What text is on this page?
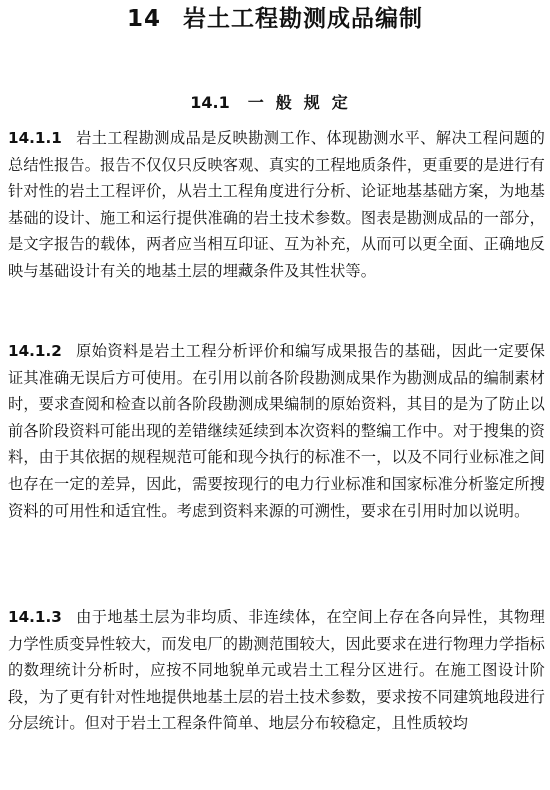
14 岩土工程勘测成品编制
14.1 一般规定
14.1.1 岩土工程勘测成品是反映勘测工作、体现勘测水平、解决工程问题的总结性报告。报告不仅仅只反映客观、真实的工程地质条件，更重要的是进行有针对性的岩土工程评价，从岩土工程角度进行分析、论证地基基础方案，为地基基础的设计、施工和运行提供准确的岩土技术参数。图表是勘测成品的一部分，是文字报告的载体，两者应当相互印证、互为补充，从而可以更全面、正确地反映与基础设计有关的地基土层的埋藏条件及其性状等。
14.1.2 原始资料是岩土工程分析评价和编写成果报告的基础，因此一定要保证其准确无误后方可使用。在引用以前各阶段勘测成果作为勘测成品的编制素材时，要求查阅和检查以前各阶段勘测成果编制的原始资料，其目的是为了防止以前各阶段资料可能出现的差错继续延续到本次资料的整编工作中。对于搜集的资料，由于其依据的规程规范可能和现今执行的标准不一，以及不同行业标准之间也存在一定的差异，因此，需要按现行的电力行业标准和国家标准分析鉴定所搜资料的可用性和适宜性。考虑到资料来源的可溯性，要求在引用时加以说明。
14.1.3 由于地基土层为非均质、非连续体，在空间上存在各向异性，其物理力学性质变异性较大，而发电厂的勘测范围较大，因此要求在进行物理力学指标的数理统计分析时，应按不同地貌单元或岩土工程分区进行。在施工图设计阶段，为了更有针对性地提供地基土层的岩土技术参数，要求按不同建筑地段进行分层统计。但对于岩土工程条件简单、地层分布较稳定，且性质较均
